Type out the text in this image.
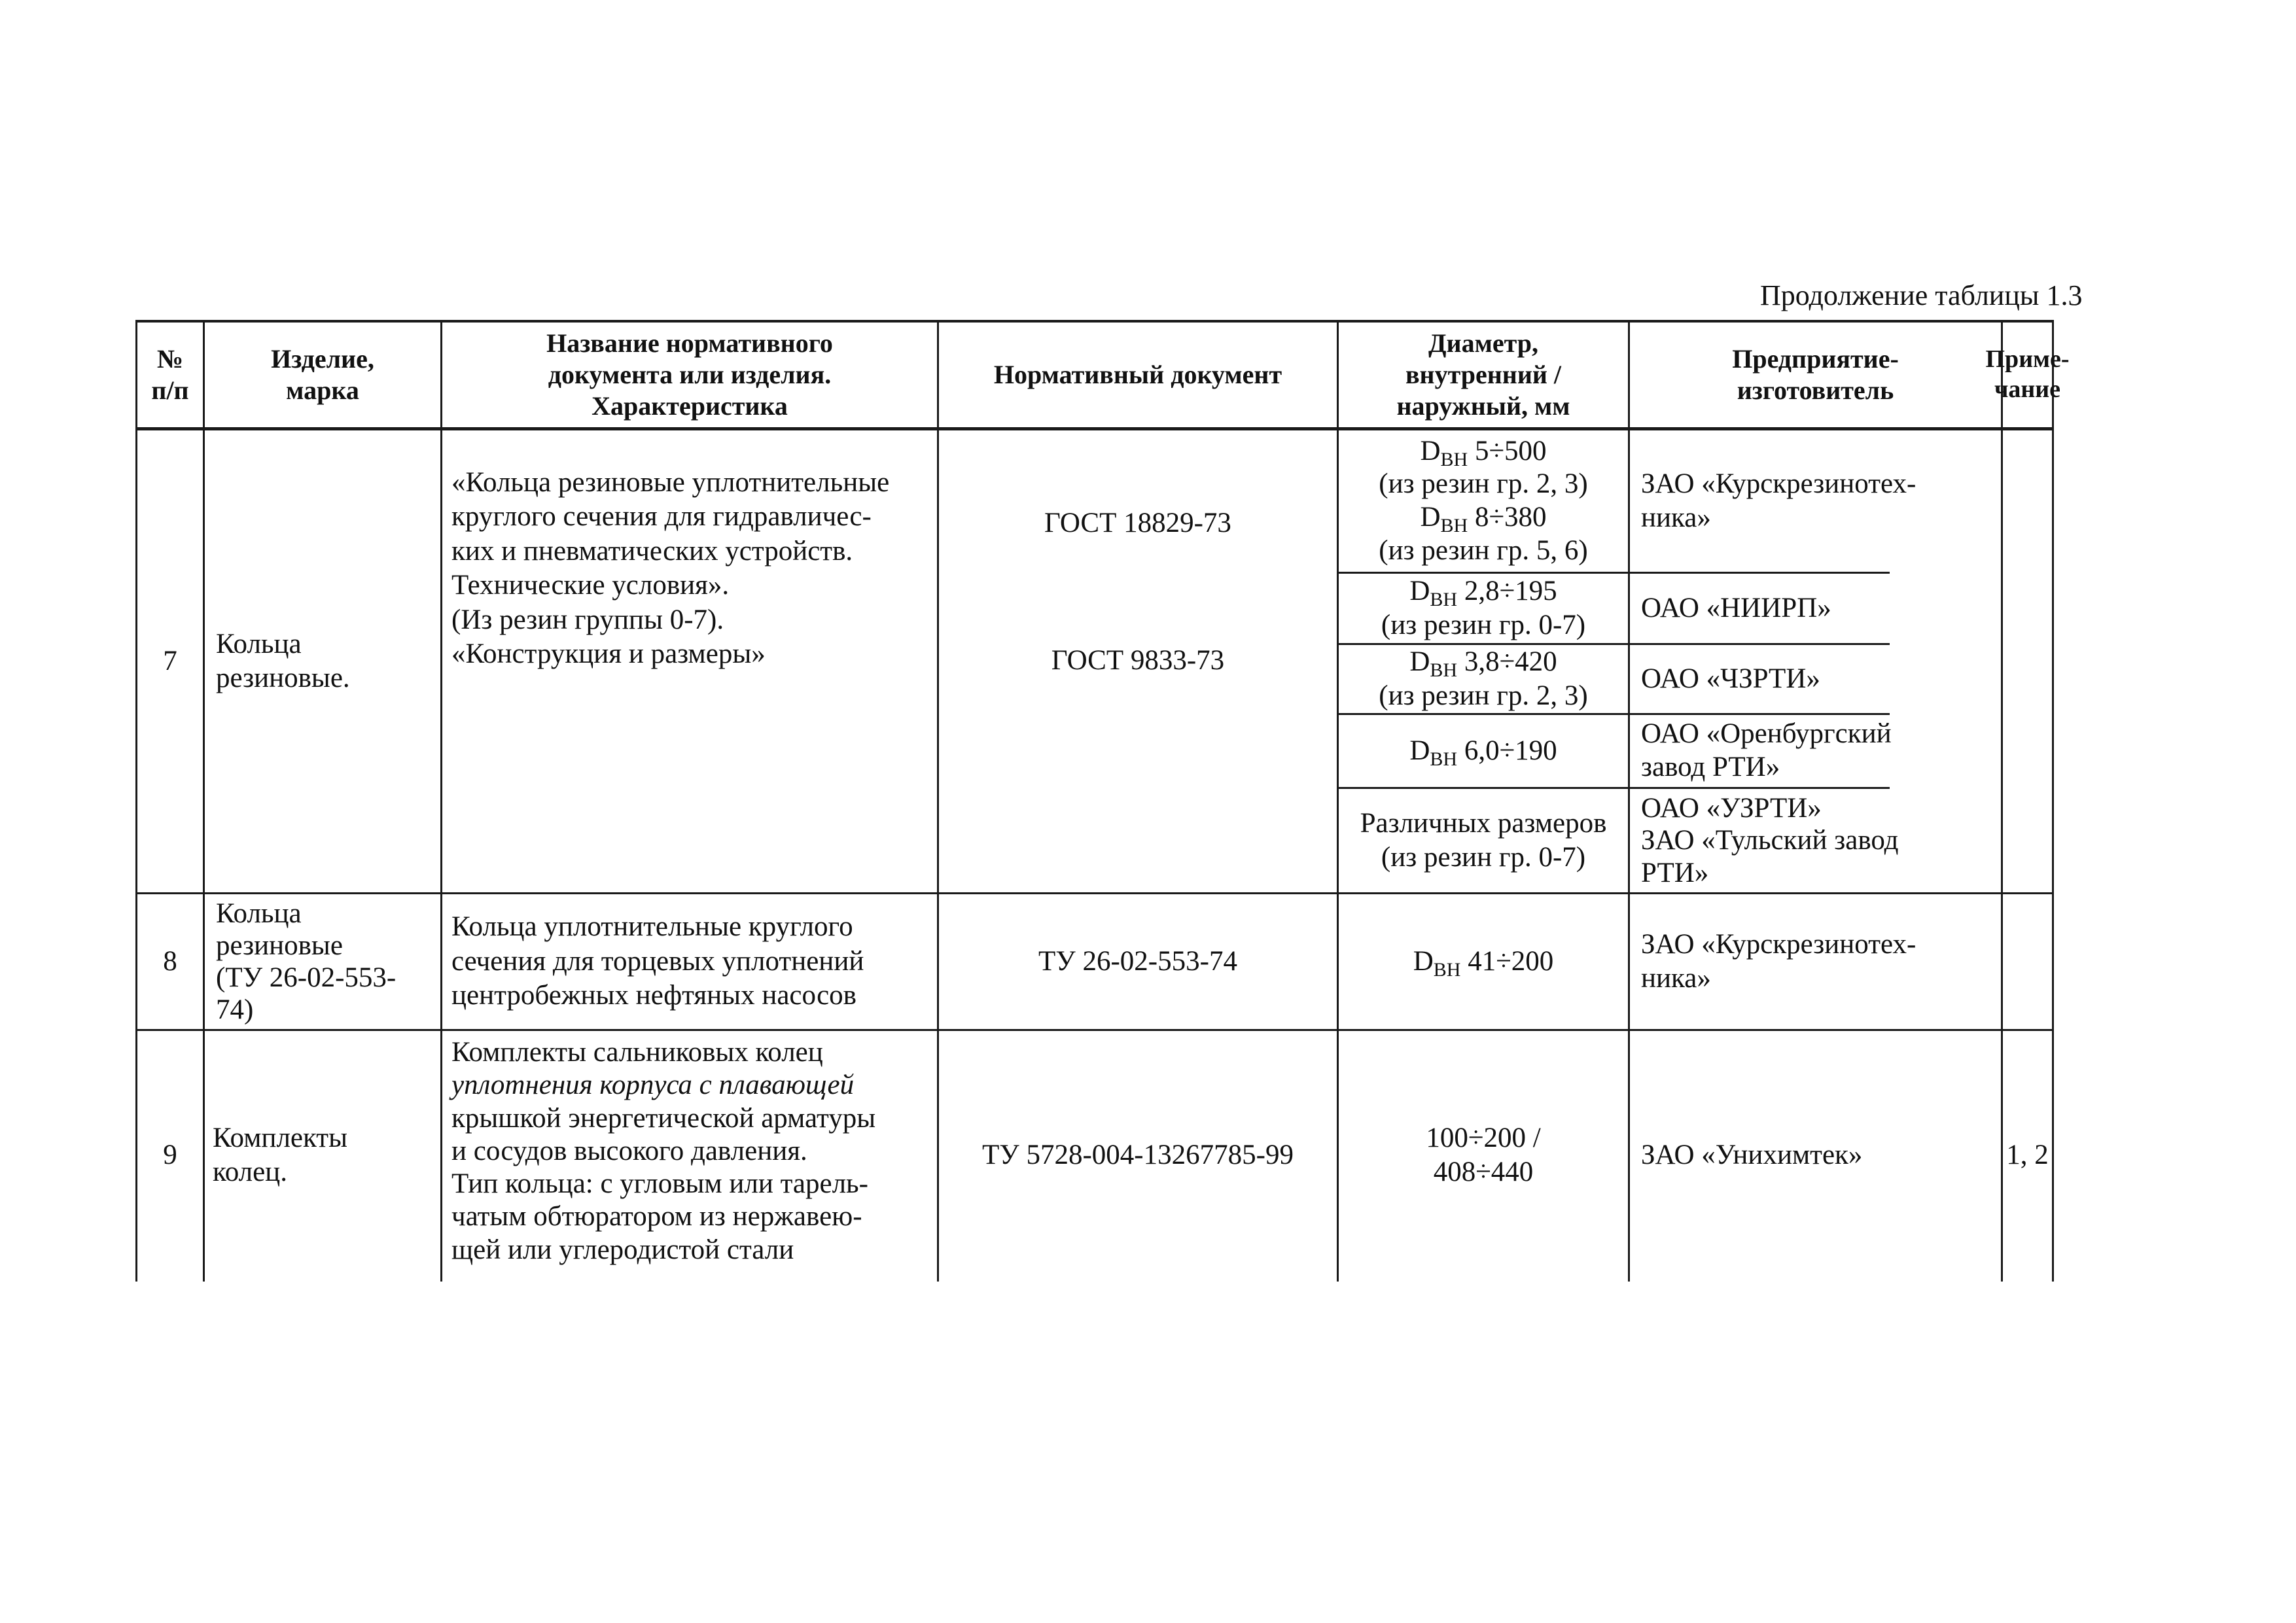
Продолжение таблицы 1.3
№
п/п
Изделие,
марка
Название нормативного
документа или изделия.
Характеристика
Нормативный документ
Диаметр,
внутренний /
наружный, мм
Предприятие-
изготовитель
Приме-
чание
7
Кольца
резиновые.
«Кольца резиновые уплотнительные
круглого сечения для гидравличес-
ких и пневматических устройств.
Технические условия».
(Из резин группы 0-7).
«Конструкция и размеры»
ГОСТ 18829-73
ГОСТ 9833-73
$D_{ВН}$ 5÷500
(из резин гр. 2, 3)
$D_{ВН}$ 8÷380
(из резин гр. 5, 6)
$D_{ВН}$ 2,8÷195
(из резин гр. 0-7)
$D_{ВН}$ 3,8÷420
(из резин гр. 2, 3)
$D_{ВН}$ 6,0÷190
Различных размеров
(из резин гр. 0-7)
ЗАО «Курскрезинотех-
ника»
ОАО «НИИРП»
ОАО «ЧЗРТИ»
ОАО «Оренбургский
завод РТИ»
ОАО «УЗРТИ»
ЗАО «Тульский завод
РТИ»
8
Кольца
резиновые
(ТУ 26-02-553-
74)
Кольца уплотнительные круглого
сечения для торцевых уплотнений
центробежных нефтяных насосов
ТУ 26-02-553-74	$D_{ВН}$ 41÷200
ЗАО «Курскрезинотех-
ника»
9
Комплекты
колец.
Комплекты сальниковых колец
уплотнения корпуса с плавающей
крышкой энергетической арматуры
и сосудов высокого давления.
Тип кольца: с угловым или тарель-
чатым обтюратором из нержавею-
щей или углеродистой стали
ТУ 5728-004-13267785-99
100÷200 /
408÷440
ЗАО «Унихимтек»	1, 2
